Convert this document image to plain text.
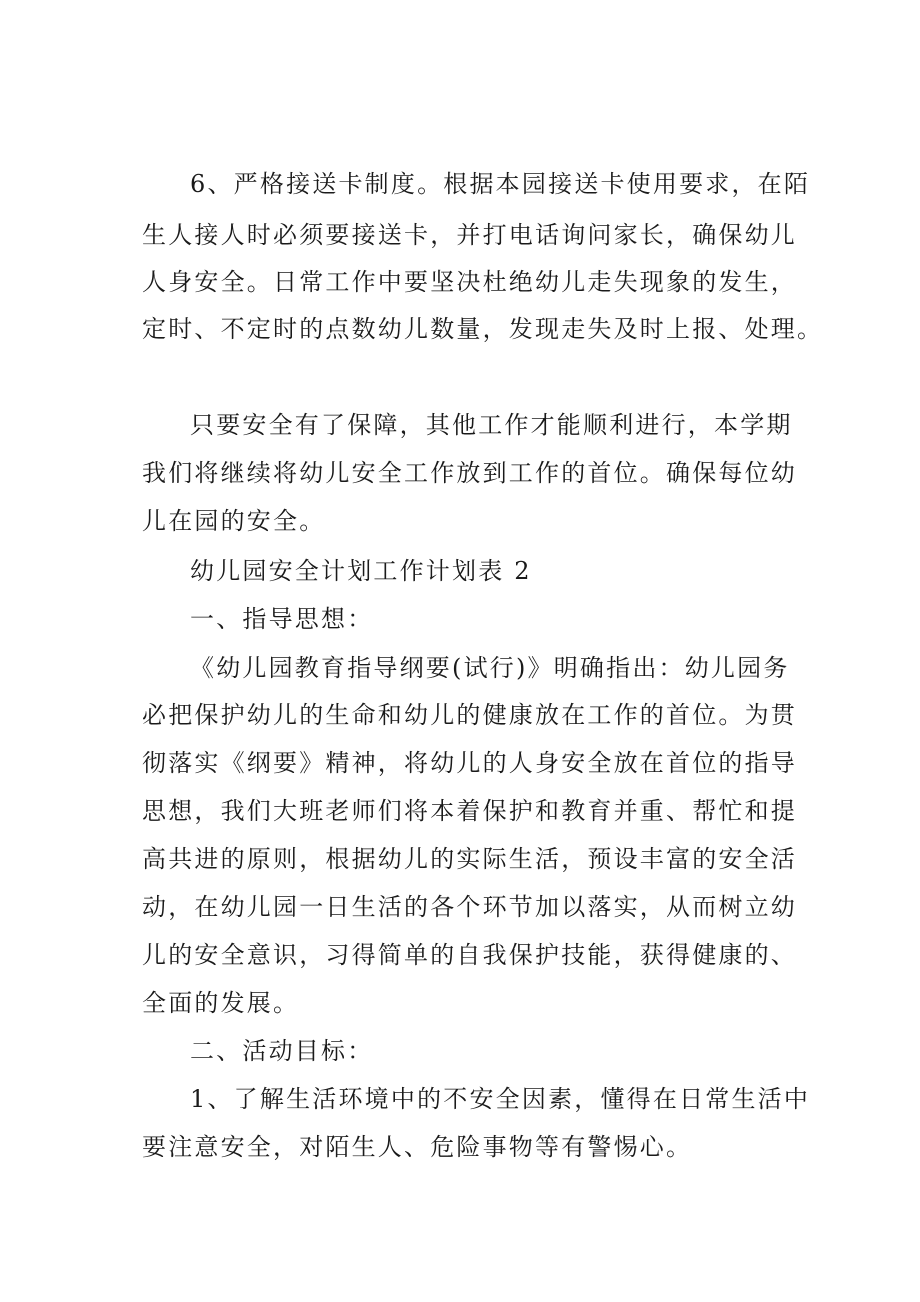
6、严格接送卡制度。根据本园接送卡使用要求，在陌
生人接人时必须要接送卡，并打电话询问家长，确保幼儿
人身安全。日常工作中要坚决杜绝幼儿走失现象的发生，
定时、不定时的点数幼儿数量，发现走失及时上报、处理。
只要安全有了保障，其他工作才能顺利进行，本学期
我们将继续将幼儿安全工作放到工作的首位。确保每位幼
儿在园的安全。
幼儿园安全计划工作计划表 2
一、指导思想：
《幼儿园教育指导纲要(试行)》明确指出：幼儿园务
必把保护幼儿的生命和幼儿的健康放在工作的首位。为贯
彻落实《纲要》精神，将幼儿的人身安全放在首位的指导
思想，我们大班老师们将本着保护和教育并重、帮忙和提
高共进的原则，根据幼儿的实际生活，预设丰富的安全活
动，在幼儿园一日生活的各个环节加以落实，从而树立幼
儿的安全意识，习得简单的自我保护技能，获得健康的、
全面的发展。
二、活动目标：
1、了解生活环境中的不安全因素，懂得在日常生活中
要注意安全，对陌生人、危险事物等有警惕心。
